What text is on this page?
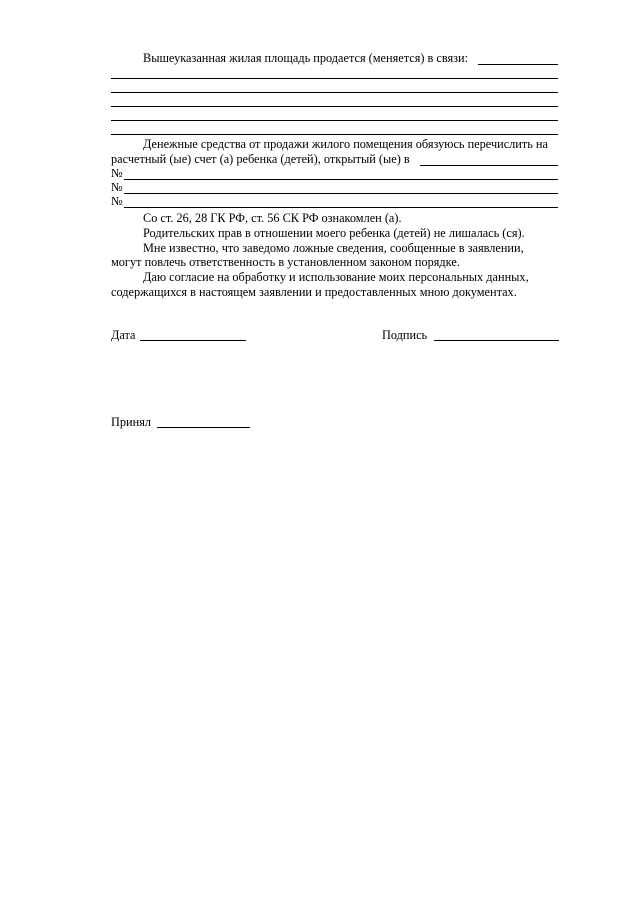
Вышеуказанная жилая площадь продается (меняется) в связи:
Денежные средства от продажи жилого помещения обязуюсь перечислить на
расчетный (ые) счет (а) ребенка (детей), открытый (ые) в
№
№
№
Со ст. 26, 28 ГК РФ, ст. 56 СК РФ ознакомлен (а).
Родительских прав в отношении моего ребенка (детей) не лишалась (ся).
Мне известно, что заведомо ложные сведения, сообщенные в заявлении,
могут повлечь ответственность в установленном законом порядке.
Даю согласие на обработку и использование моих персональных данных,
содержащихся в настоящем заявлении и предоставленных мною документах.
Дата	Подпись
Принял
